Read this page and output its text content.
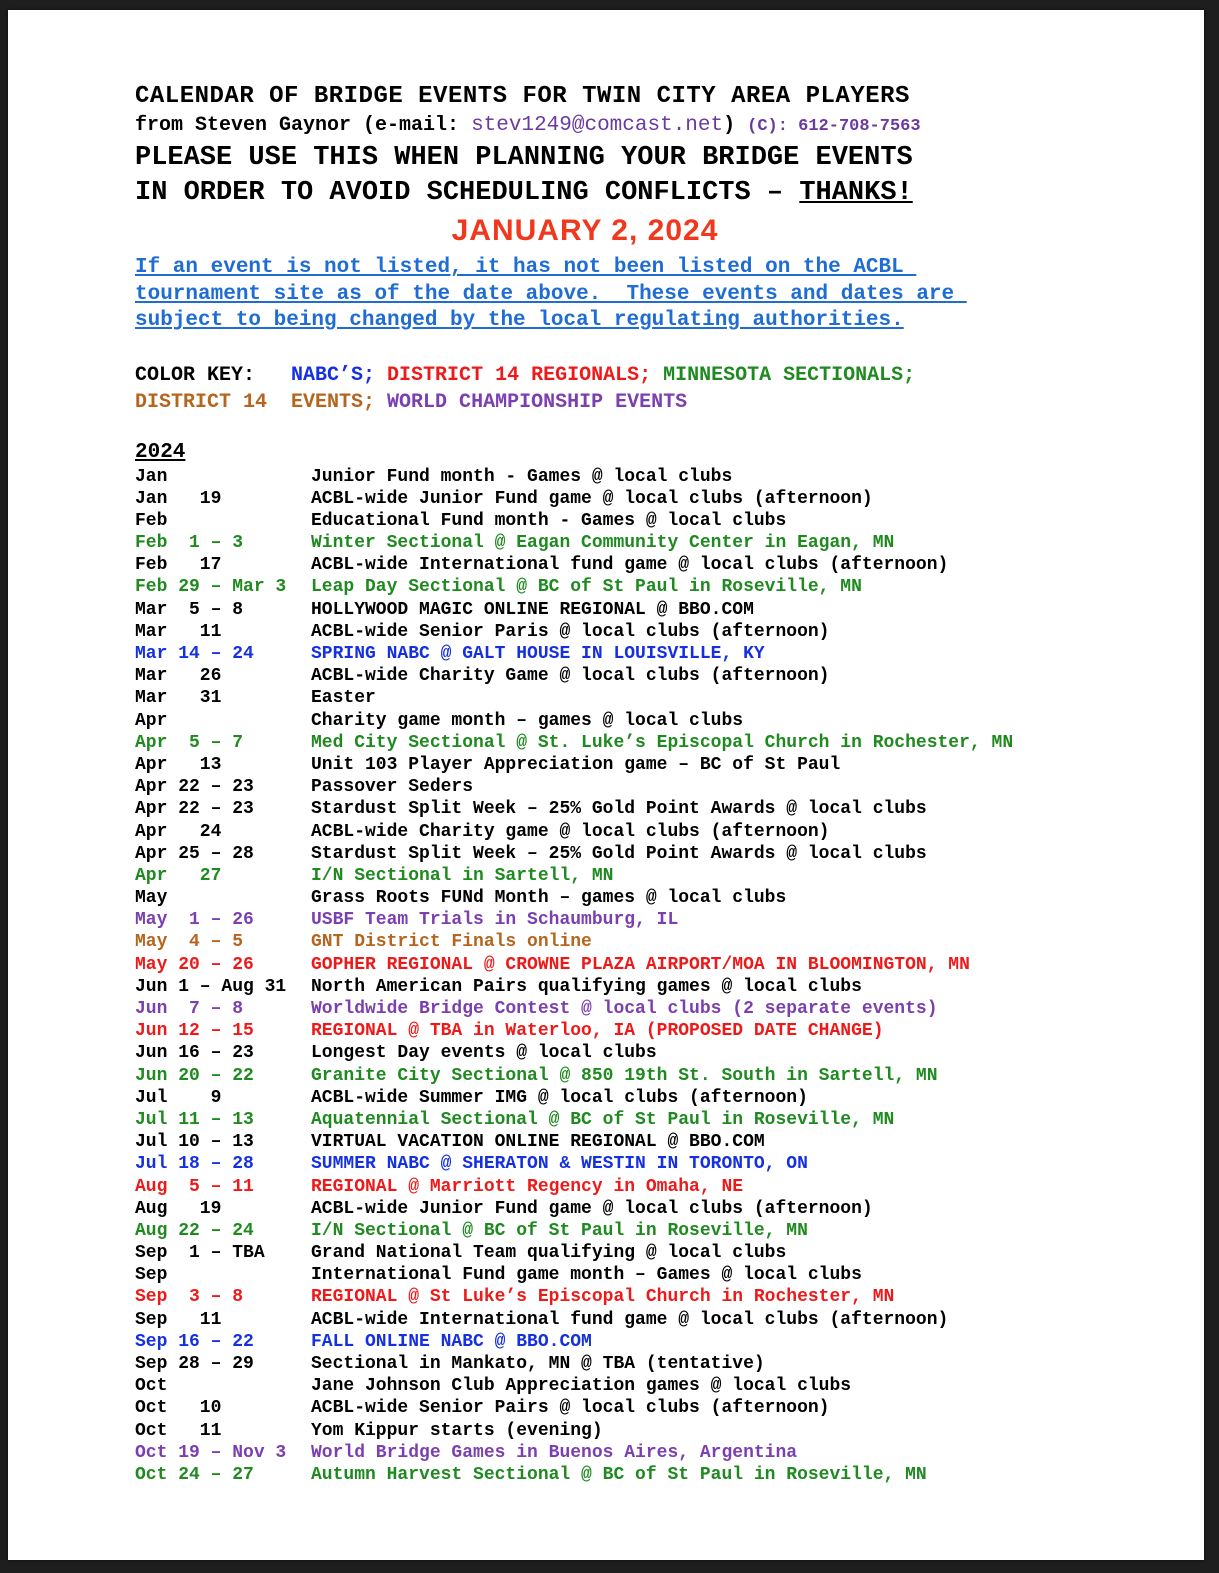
CALENDAR OF BRIDGE EVENTS FOR TWIN CITY AREA PLAYERS
from Steven Gaynor (e-mail: stev1249@comcast.net) (C): 612-708-7563
PLEASE USE THIS WHEN PLANNING YOUR BRIDGE EVENTS
IN ORDER TO AVOID SCHEDULING CONFLICTS – THANKS!
JANUARY 2, 2024
If an event is not listed, it has not been listed on the ACBL
tournament site as of the date above.  These events and dates are
subject to being changed by the local regulating authorities.
COLOR KEY:   NABC’S; DISTRICT 14 REGIONALS; MINNESOTA SECTIONALS;
DISTRICT 14  EVENTS; WORLD CHAMPIONSHIP EVENTS
2024
Jan	Junior Fund month - Games @ local clubs
Jan   19	ACBL-wide Junior Fund game @ local clubs (afternoon)
Feb	Educational Fund month - Games @ local clubs
Feb  1 – 3	Winter Sectional @ Eagan Community Center in Eagan, MN
Feb   17	ACBL-wide International fund game @ local clubs (afternoon)
Feb 29 – Mar 3 Leap Day Sectional @ BC of St Paul in Roseville, MN
Mar  5 – 8	HOLLYWOOD MAGIC ONLINE REGIONAL @ BBO.COM
Mar   11	ACBL-wide Senior Paris @ local clubs (afternoon)
Mar 14 – 24	SPRING NABC @ GALT HOUSE IN LOUISVILLE, KY
Mar   26	ACBL-wide Charity Game @ local clubs (afternoon)
Mar   31	Easter
Apr	Charity game month – games @ local clubs
Apr  5 – 7	Med City Sectional @ St. Luke’s Episcopal Church in Rochester, MN
Apr   13	Unit 103 Player Appreciation game – BC of St Paul
Apr 22 – 23	Passover Seders
Apr 22 – 23	Stardust Split Week – 25% Gold Point Awards @ local clubs
Apr   24	ACBL-wide Charity game @ local clubs (afternoon)
Apr 25 – 28	Stardust Split Week – 25% Gold Point Awards @ local clubs
Apr   27	I/N Sectional in Sartell, MN
May	Grass Roots FUNd Month – games @ local clubs
May  1 – 26	USBF Team Trials in Schaumburg, IL
May  4 – 5	GNT District Finals online
May 20 – 26	GOPHER REGIONAL @ CROWNE PLAZA AIRPORT/MOA IN BLOOMINGTON, MN
Jun 1 – Aug 31 North American Pairs qualifying games @ local clubs
Jun  7 – 8	Worldwide Bridge Contest @ local clubs (2 separate events)
Jun 12 – 15	REGIONAL @ TBA in Waterloo, IA (PROPOSED DATE CHANGE)
Jun 16 – 23	Longest Day events @ local clubs
Jun 20 – 22	Granite City Sectional @ 850 19th St. South in Sartell, MN
Jul    9	ACBL-wide Summer IMG @ local clubs (afternoon)
Jul 11 – 13	Aquatennial Sectional @ BC of St Paul in Roseville, MN
Jul 10 – 13	VIRTUAL VACATION ONLINE REGIONAL @ BBO.COM
Jul 18 – 28	SUMMER NABC @ SHERATON & WESTIN IN TORONTO, ON
Aug  5 – 11	REGIONAL @ Marriott Regency in Omaha, NE
Aug   19	ACBL-wide Junior Fund game @ local clubs (afternoon)
Aug 22 – 24	I/N Sectional @ BC of St Paul in Roseville, MN
Sep  1 – TBA	Grand National Team qualifying @ local clubs
Sep	International Fund game month – Games @ local clubs
Sep  3 – 8	REGIONAL @ St Luke’s Episcopal Church in Rochester, MN
Sep   11	ACBL-wide International fund game @ local clubs (afternoon)
Sep 16 – 22	FALL ONLINE NABC @ BBO.COM
Sep 28 – 29	Sectional in Mankato, MN @ TBA (tentative)
Oct	Jane Johnson Club Appreciation games @ local clubs
Oct   10	ACBL-wide Senior Pairs @ local clubs (afternoon)
Oct   11	Yom Kippur starts (evening)
Oct 19 – Nov 3 World Bridge Games in Buenos Aires, Argentina
Oct 24 – 27	Autumn Harvest Sectional @ BC of St Paul in Roseville, MN
